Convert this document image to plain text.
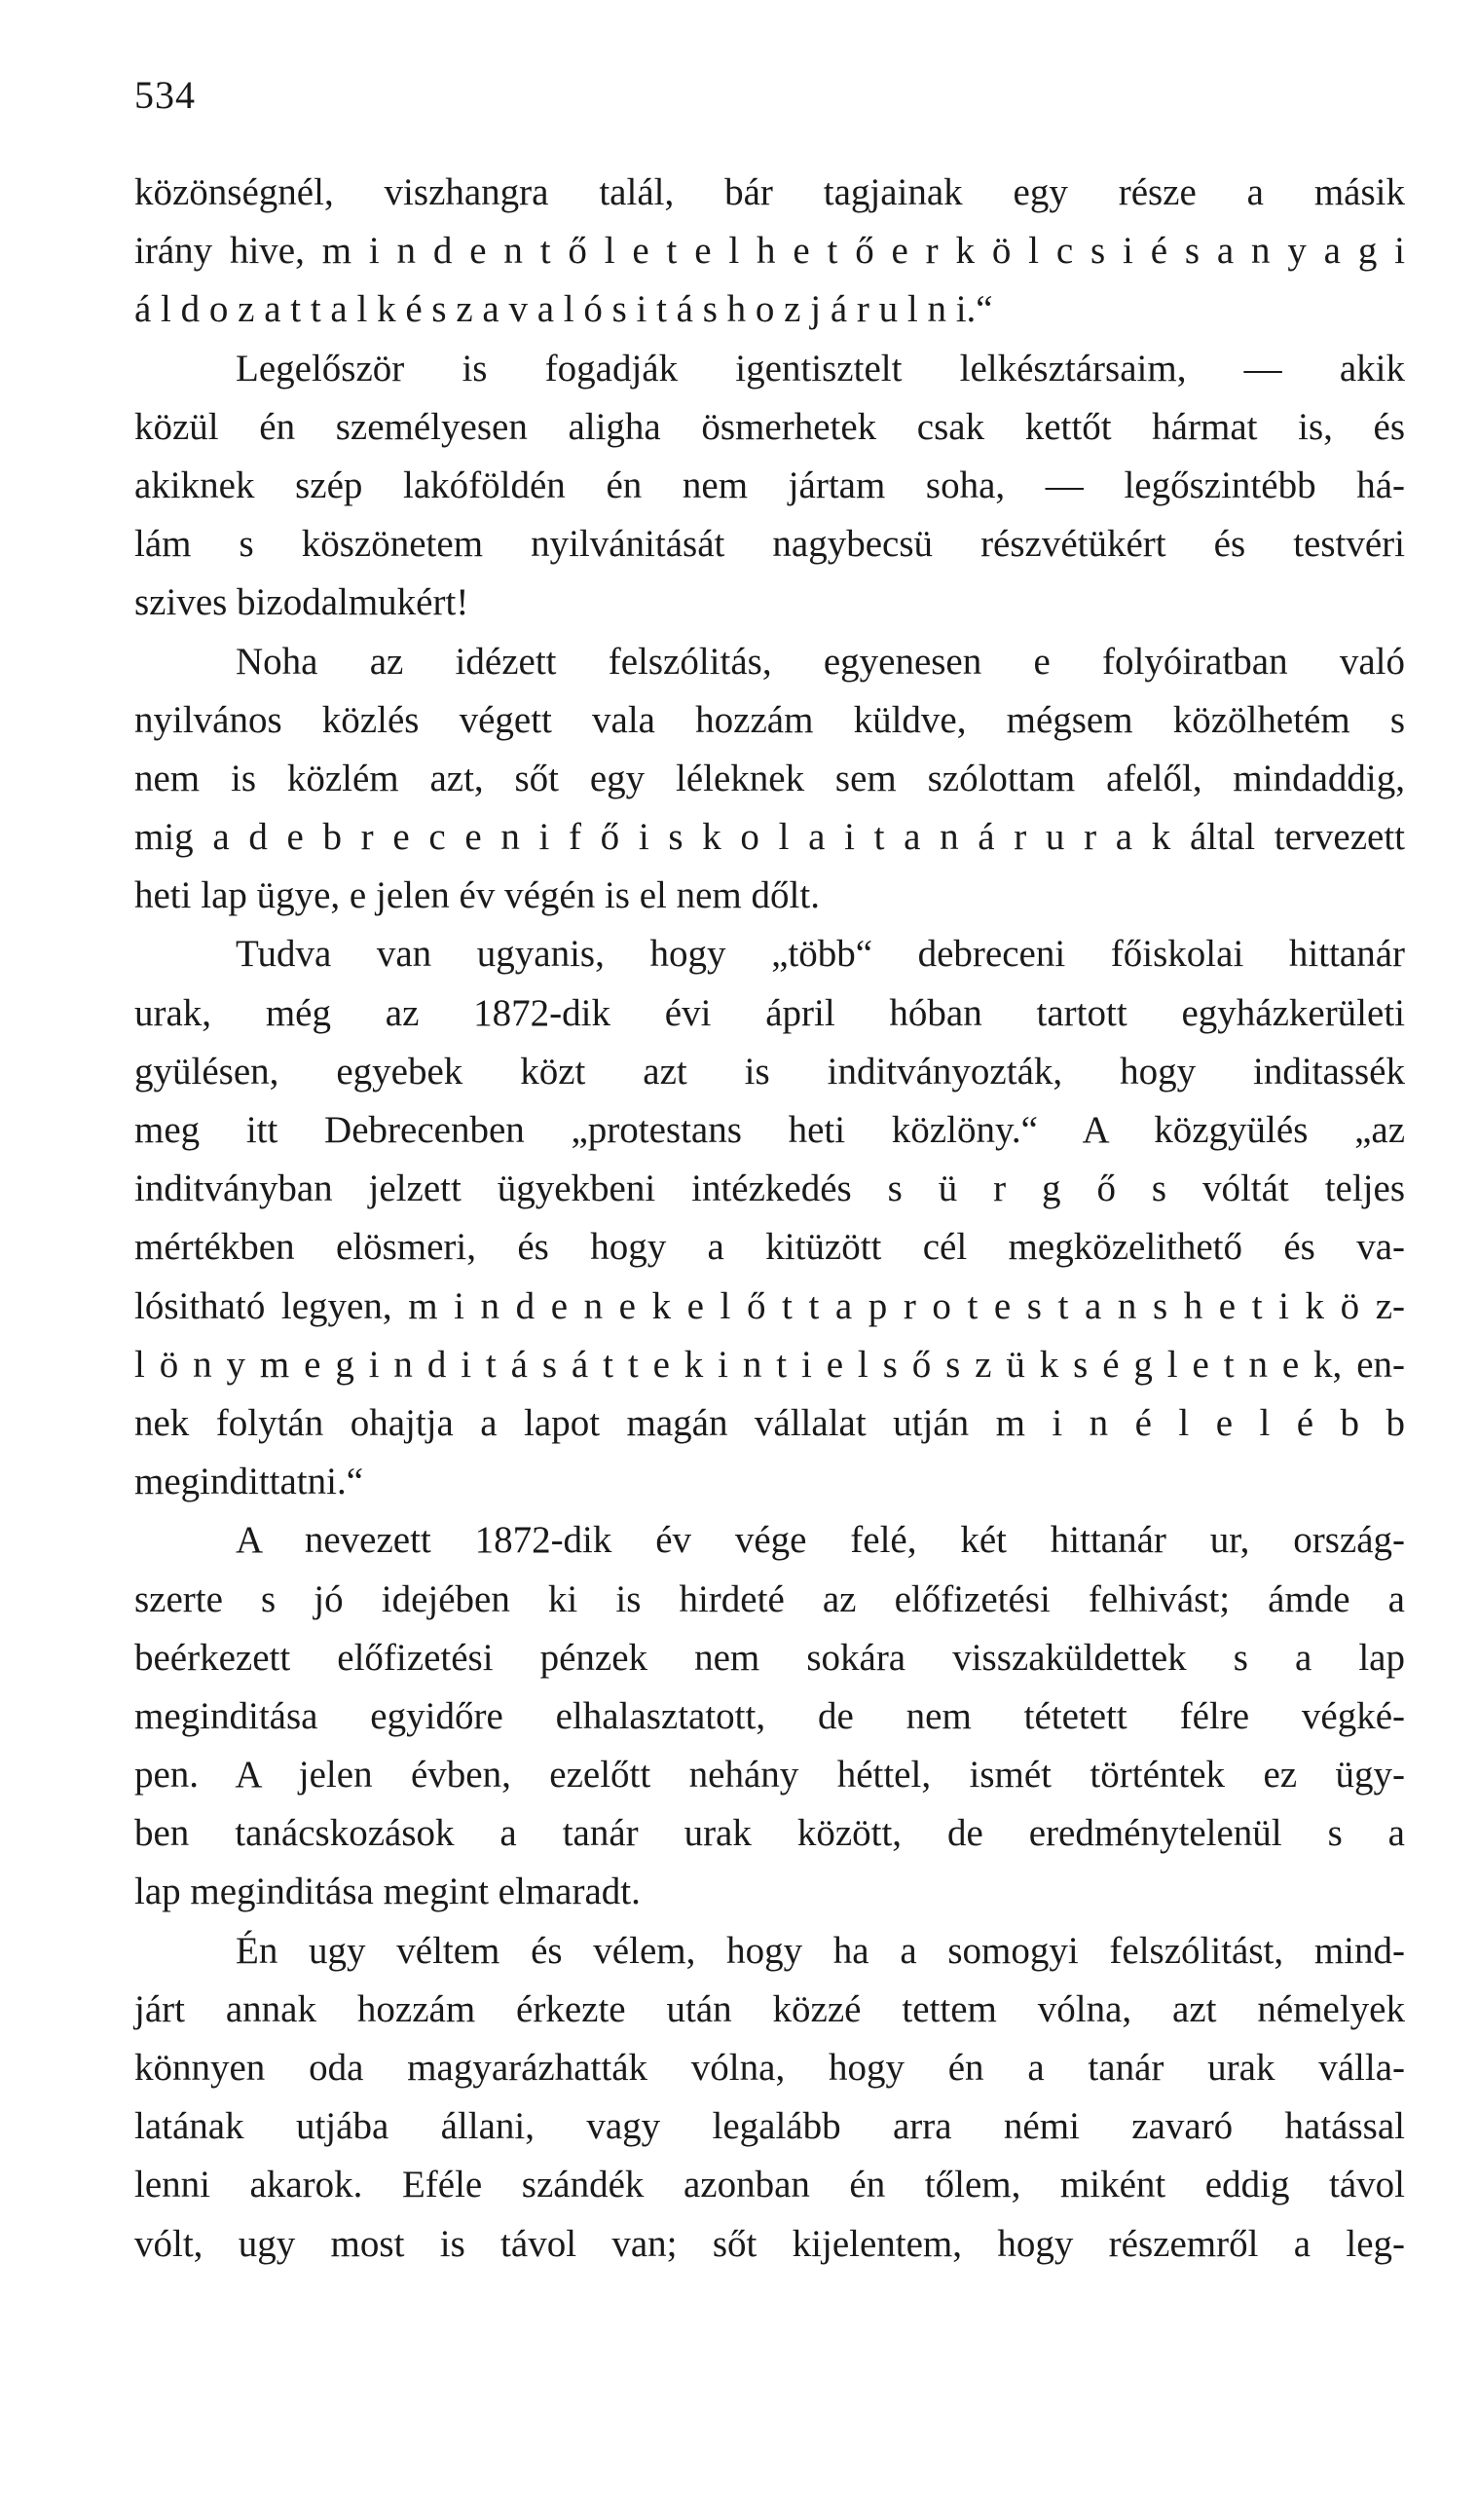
534
közönségnél, viszhangra talál, bár tagjainak egy része a másik
irány hive, m i n d e n t ő l e t e l h e t ő e r k ö l c s i é s a n y a g i
á l d o z a t t a l k é s z a v a l ó s i t á s h o z j á r u l n i.“
Legelőször is fogadják igentisztelt lelkésztársaim, — akik
közül én személyesen aligha ösmerhetek csak kettőt hármat is, és
akiknek szép lakóföldén én nem jártam soha, — legőszintébb há-
lám s köszönetem nyilvánitását nagybecsü részvétükért és testvéri
szives bizodalmukért!
Noha az idézett felszólitás, egyenesen e folyóiratban való
nyilvános közlés végett vala hozzám küldve, mégsem közölhetém s
nem is közlém azt, sőt egy léleknek sem szólottam afelől, mindaddig,
mig a d e b r e c e n i f ő i s k o l a i t a n á r u r a k által tervezett
heti lap ügye, e jelen év végén is el nem dőlt.
Tudva van ugyanis, hogy „több“ debreceni főiskolai hittanár
urak, még az 1872-dik évi ápril hóban tartott egyházkerületi
gyülésen, egyebek közt azt is inditványozták, hogy inditassék
meg itt Debrecenben „protestans heti közlöny.“ A közgyülés „az
inditványban jelzett ügyekbeni intézkedés s ü r g ő s vóltát teljes
mértékben elösmeri, és hogy a kitüzött cél megközelithető és va-
lósitható legyen, m i n d e n e k e l ő t t a p r o t e s t a n s h e t i k ö z-
l ö n y m e g i n d i t á s á t t e k i n t i e l s ő s z ü k s é g l e t n e k, en-
nek folytán ohajtja a lapot magán vállalat utján m i n é l e l é b b
megindittatni.“
A nevezett 1872-dik év vége felé, két hittanár ur, ország-
szerte s jó idejében ki is hirdeté az előfizetési felhivást; ámde a
beérkezett előfizetési pénzek nem sokára visszaküldettek s a lap
meginditása egyidőre elhalasztatott, de nem tétetett félre végké-
pen. A jelen évben, ezelőtt nehány héttel, ismét történtek ez ügy-
ben tanácskozások a tanár urak között, de eredménytelenül s a
lap meginditása megint elmaradt.
Én ugy véltem és vélem, hogy ha a somogyi felszólitást, mind-
járt annak hozzám érkezte után közzé tettem vólna, azt némelyek
könnyen oda magyarázhatták vólna, hogy én a tanár urak válla-
latának utjába állani, vagy legalább arra némi zavaró hatással
lenni akarok. Eféle szándék azonban én tőlem, miként eddig távol
vólt, ugy most is távol van; sőt kijelentem, hogy részemről a leg-
